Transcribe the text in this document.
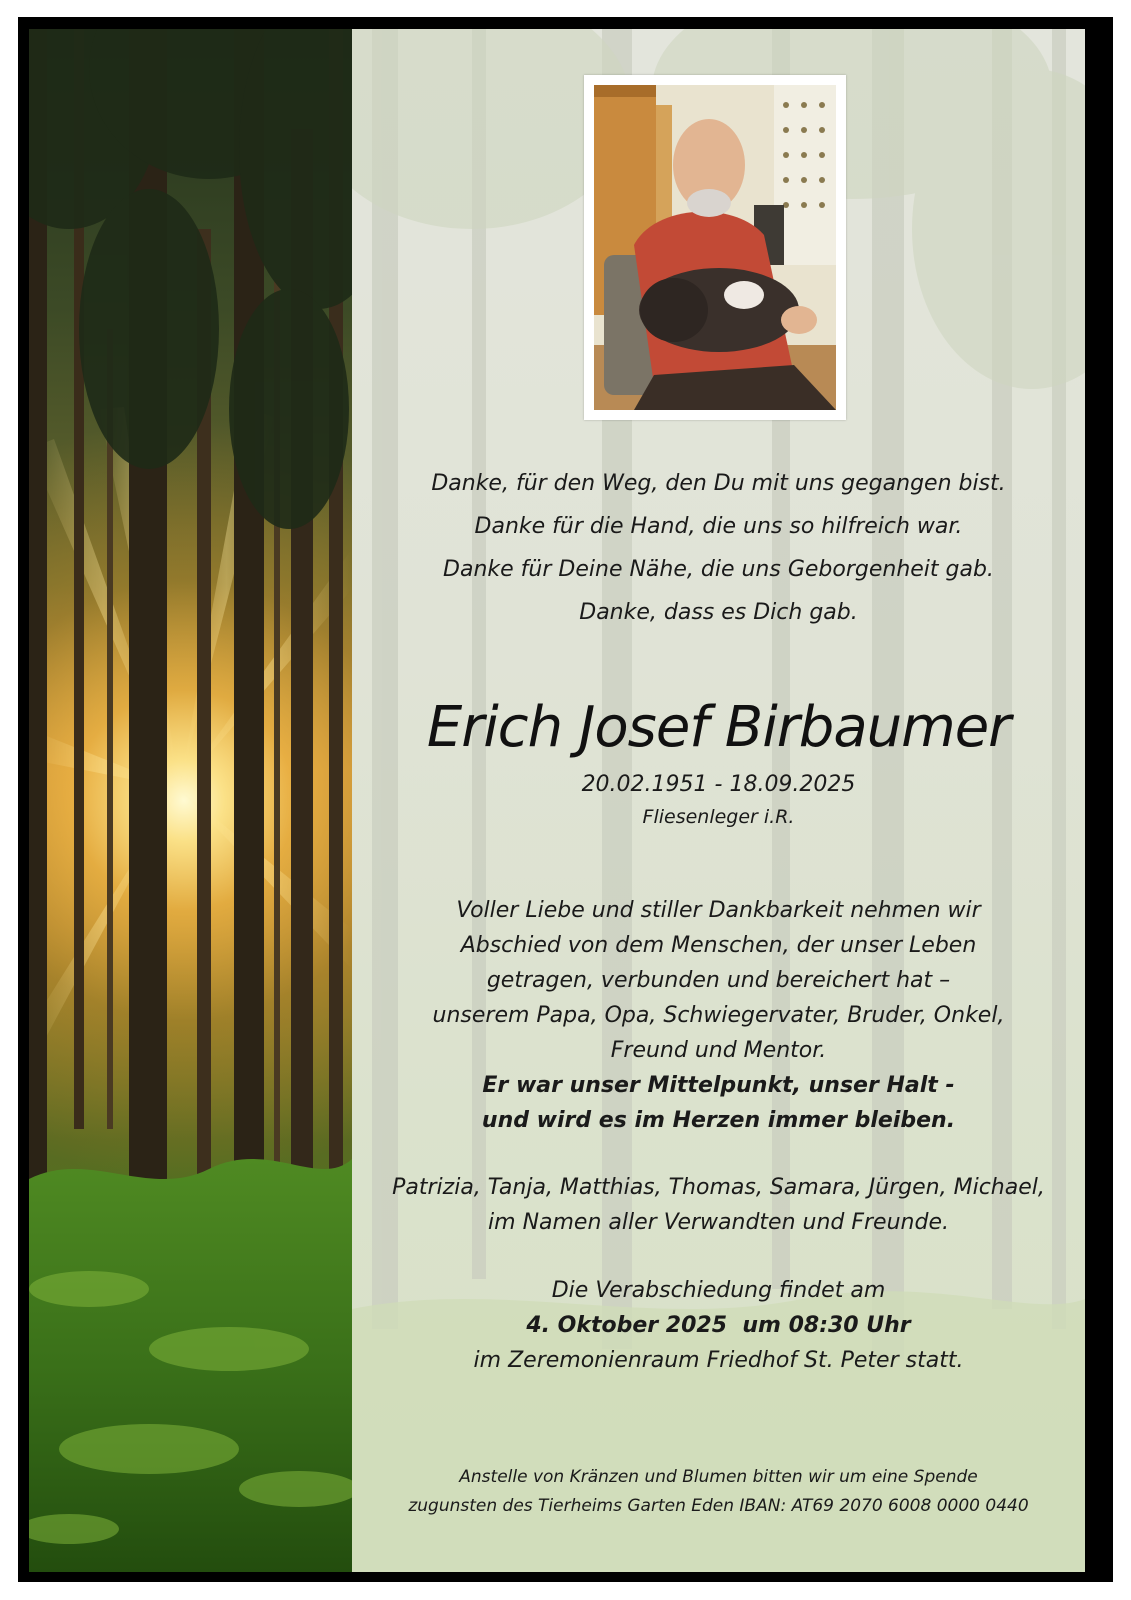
Danke, für den Weg, den Du mit uns gegangen bist.
Danke für die Hand, die uns so hilfreich war.
Danke für Deine Nähe, die uns Geborgenheit gab.
Danke, dass es Dich gab.
Erich Josef Birbaumer
20.02.1951 - 18.09.2025
Fliesenleger i.R.
Voller Liebe und stiller Dankbarkeit nehmen wir
Abschied von dem Menschen, der unser Leben
getragen, verbunden und bereichert hat –
unserem Papa, Opa, Schwiegervater, Bruder, Onkel,
Freund und Mentor.
Er war unser Mittelpunkt, unser Halt -
und wird es im Herzen immer bleiben.
Patrizia, Tanja, Matthias, Thomas, Samara, Jürgen, Michael,
im Namen aller Verwandten und Freunde.
Die Verabschiedung findet am
4. Oktober 2025  um 08:30 Uhr
im Zeremonienraum Friedhof St. Peter statt.
Anstelle von Kränzen und Blumen bitten wir um eine Spende
zugunsten des Tierheims Garten Eden IBAN: AT69 2070 6008 0000 0440
